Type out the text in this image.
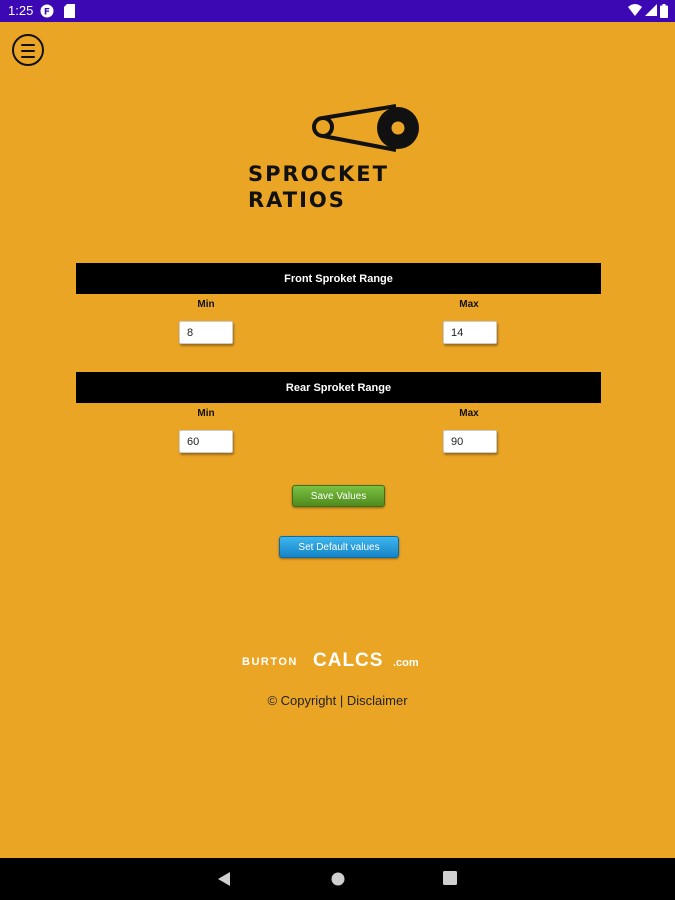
1:25 F
SPROCKET
RATIOS
Front Sproket Range
Min	Max
8
14
Rear Sproket Range
Min	Max
60
90
Save Values
Set Default values
BURTON CALCS .com
© Copyright | Disclaimer
